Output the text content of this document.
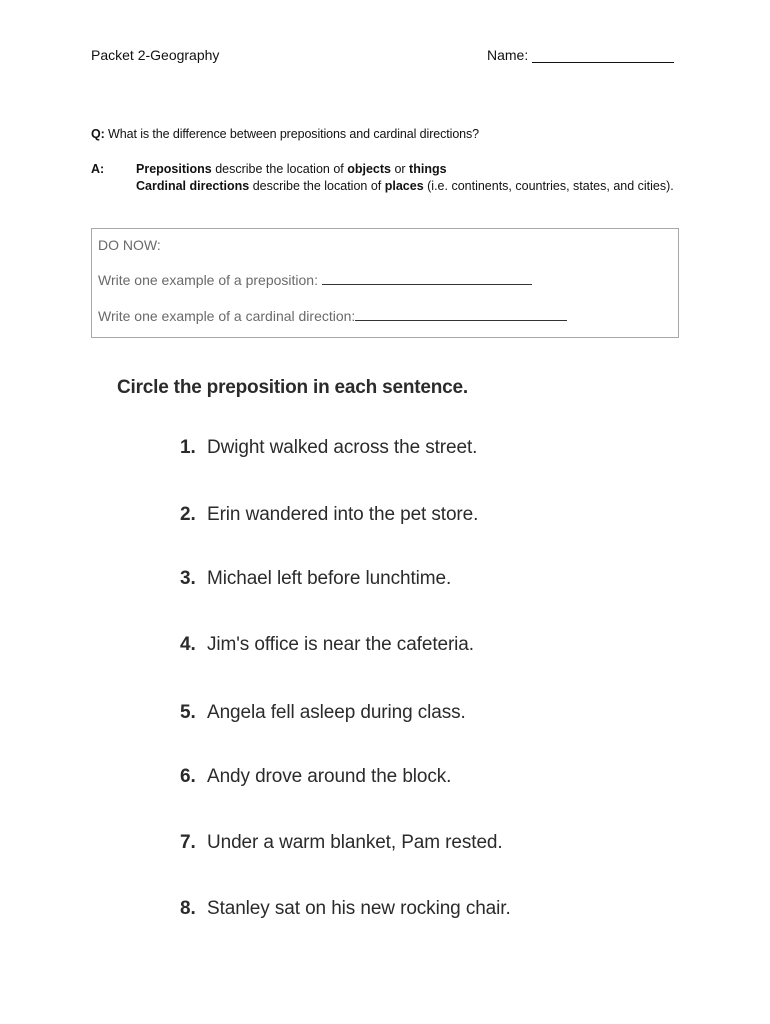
Packet 2-Geography	Name:
Q: What is the difference between prepositions and cardinal directions?
A:	Prepositions describe the location of objects or things
Cardinal directions describe the location of places (i.e. continents, countries, states, and cities).
DO NOW:
Write one example of a preposition:
Write one example of a cardinal direction:
Circle the preposition in each sentence.
1. Dwight walked across the street.
2. Erin wandered into the pet store.
3. Michael left before lunchtime.
4. Jim's office is near the cafeteria.
5. Angela fell asleep during class.
6. Andy drove around the block.
7. Under a warm blanket, Pam rested.
8. Stanley sat on his new rocking chair.
